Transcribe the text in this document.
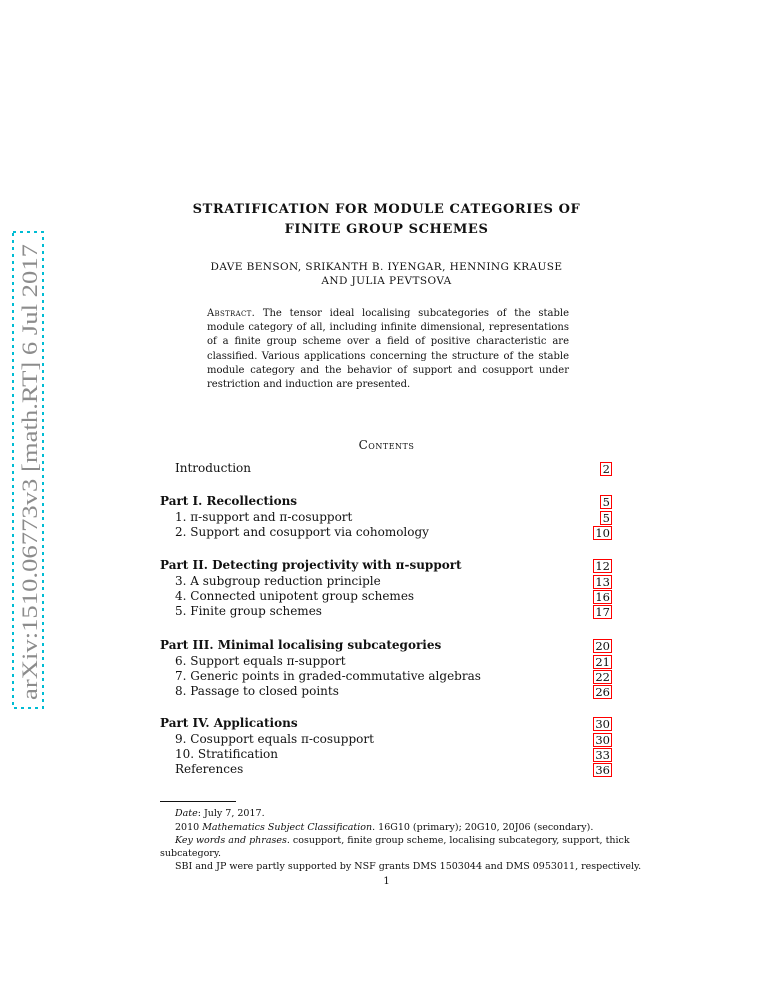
arXiv:1510.06773v3 [math.RT] 6 Jul 2017
STRATIFICATION FOR MODULE CATEGORIES OF
FINITE GROUP SCHEMES
DAVE BENSON, SRIKANTH B. IYENGAR, HENNING KRAUSE
AND JULIA PEVTSOVA
Abstract. The tensor ideal localising subcategories of the stable module category of all, including infinite dimensional, representations of a finite group scheme over a field of positive characteristic are classified. Various applications concerning the structure of the stable module category and the behavior of support and cosupport under restriction and induction are presented.
Contents
Introduction	2
Part I. Recollections	5
1. π-support and π-cosupport	5
2. Support and cosupport via cohomology	10
Part II. Detecting projectivity with π-support	12
3. A subgroup reduction principle	13
4. Connected unipotent group schemes	16
5. Finite group schemes	17
Part III. Minimal localising subcategories	20
6. Support equals π-support	21
7. Generic points in graded-commutative algebras	22
8. Passage to closed points	26
Part IV. Applications	30
9. Cosupport equals π-cosupport	30
10. Stratification	33
References	36
Date: July 7, 2017.
2010 Mathematics Subject Classification. 16G10 (primary); 20G10, 20J06 (secondary).
Key words and phrases. cosupport, finite group scheme, localising subcategory, support, thick
subcategory.
SBI and JP were partly supported by NSF grants DMS 1503044 and DMS 0953011, respectively.
1
